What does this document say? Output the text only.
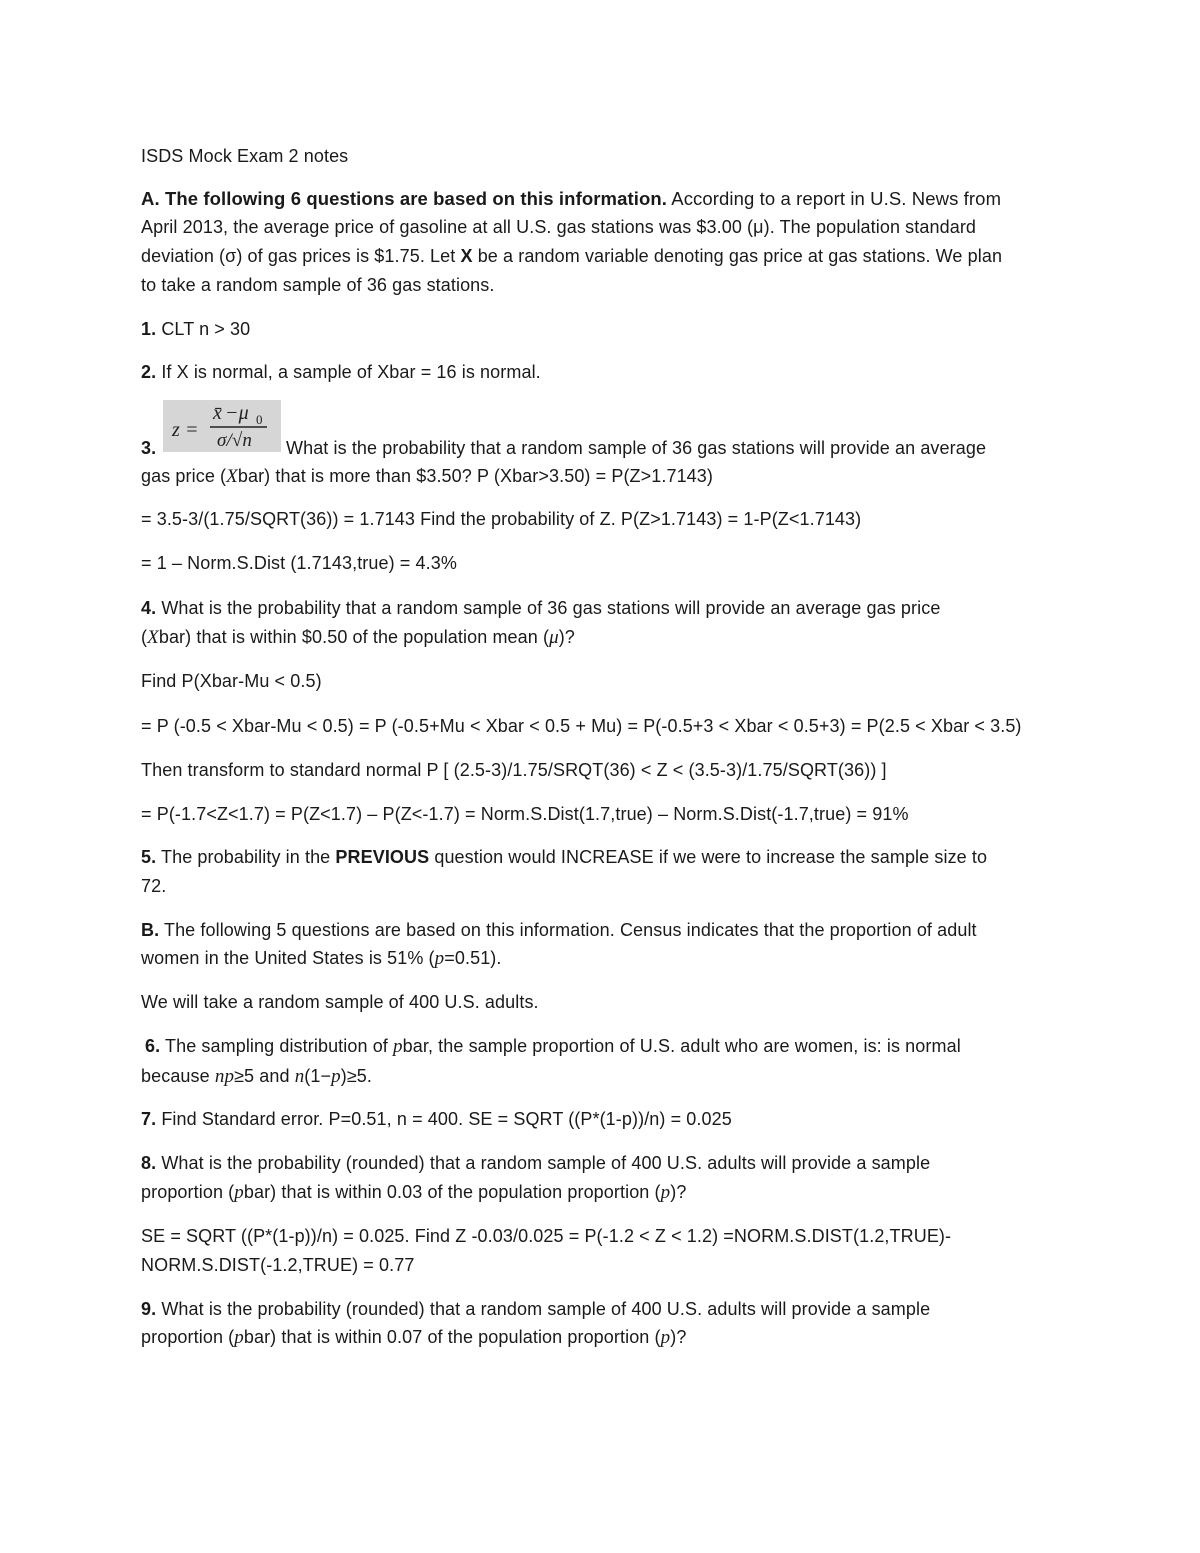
ISDS Mock Exam 2 notes
A. The following 6 questions are based on this information. According to a report in U.S. News from
April 2013, the average price of gasoline at all U.S. gas stations was $3.00 (μ). The population standard
deviation (σ) of gas prices is $1.75. Let X be a random variable denoting gas price at gas stations. We plan
to take a random sample of 36 gas stations.
1. CLT n > 30
2. If X is normal, a sample of Xbar = 16 is normal.
z =
x̄ −μ 0
σ/√n
3.	What is the probability that a random sample of 36 gas stations will provide an average
gas price (Xbar) that is more than $3.50? P (Xbar>3.50) = P(Z>1.7143)
= 3.5-3/(1.75/SQRT(36)) = 1.7143 Find the probability of Z. P(Z>1.7143) = 1-P(Z<1.7143)
= 1 – Norm.S.Dist (1.7143,true) = 4.3%
4. What is the probability that a random sample of 36 gas stations will provide an average gas price
(Xbar) that is within $0.50 of the population mean (μ)?
Find P(Xbar-Mu < 0.5)
= P (-0.5 < Xbar-Mu < 0.5) = P (-0.5+Mu < Xbar < 0.5 + Mu) = P(-0.5+3 < Xbar < 0.5+3) = P(2.5 < Xbar < 3.5)
Then transform to standard normal P [ (2.5-3)/1.75/SRQT(36) < Z < (3.5-3)/1.75/SQRT(36)) ]
= P(-1.7<Z<1.7) = P(Z<1.7) – P(Z<-1.7) = Norm.S.Dist(1.7,true) – Norm.S.Dist(-1.7,true) = 91%
5. The probability in the PREVIOUS question would INCREASE if we were to increase the sample size to
72.
B. The following 5 questions are based on this information. Census indicates that the proportion of adult
women in the United States is 51% (p=0.51).
We will take a random sample of 400 U.S. adults.
6. The sampling distribution of pbar, the sample proportion of U.S. adult who are women, is: is normal
because np≥5 and n(1−p)≥5.
7. Find Standard error. P=0.51, n = 400. SE = SQRT ((P*(1-p))/n) = 0.025
8. What is the probability (rounded) that a random sample of 400 U.S. adults will provide a sample
proportion (pbar) that is within 0.03 of the population proportion (p)?
SE = SQRT ((P*(1-p))/n) = 0.025. Find Z -0.03/0.025 = P(-1.2 < Z < 1.2) =NORM.S.DIST(1.2,TRUE)-
NORM.S.DIST(-1.2,TRUE) = 0.77
9. What is the probability (rounded) that a random sample of 400 U.S. adults will provide a sample
proportion (pbar) that is within 0.07 of the population proportion (p)?
